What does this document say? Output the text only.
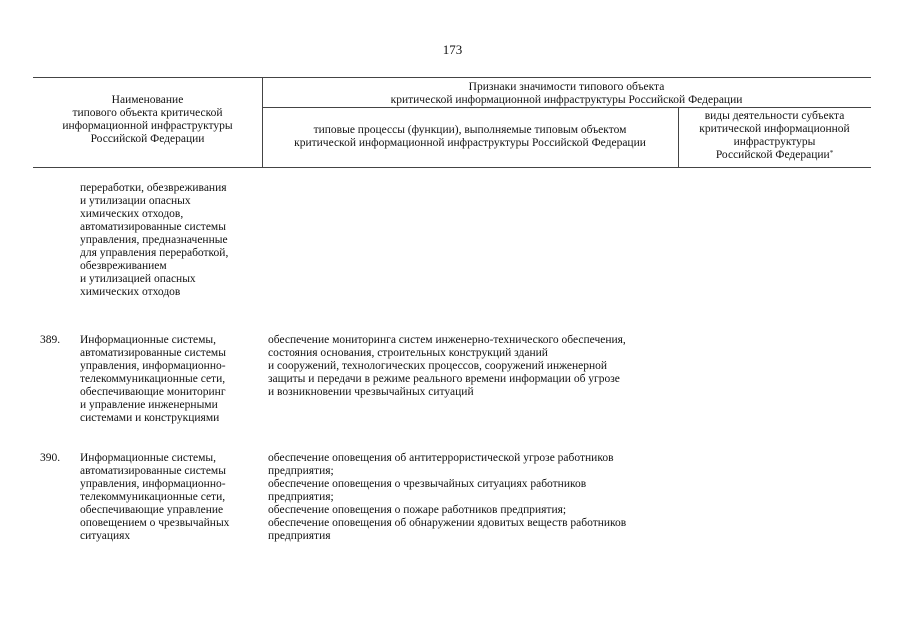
173
Наименование
типового объекта критической
информационной инфраструктуры
Российской Федерации
Признаки значимости типового объекта
критической информационной инфраструктуры Российской Федерации
типовые процессы (функции), выполняемые типовым объектом
критической информационной инфраструктуры Российской Федерации
виды деятельности субъекта
критической информационной
инфраструктуры
Российской Федерации*
переработки, обезвреживания
и утилизации опасных
химических отходов,
автоматизированные системы
управления, предназначенные
для управления переработкой,
обезвреживанием
и утилизацией опасных
химических отходов
389. Информационные системы,
автоматизированные системы
управления, информационно-
телекоммуникационные сети,
обеспечивающие мониторинг
и управление инженерными
системами и конструкциями
обеспечение мониторинга систем инженерно-технического обеспечения,
состояния основания, строительных конструкций зданий
и сооружений, технологических процессов, сооружений инженерной
защиты и передачи в режиме реального времени информации об угрозе
и возникновении чрезвычайных ситуаций
390. Информационные системы,
автоматизированные системы
управления, информационно-
телекоммуникационные сети,
обеспечивающие управление
оповещением о чрезвычайных
ситуациях
обеспечение оповещения об антитеррористической угрозе работников
предприятия;
обеспечение оповещения о чрезвычайных ситуациях работников
предприятия;
обеспечение оповещения о пожаре работников предприятия;
обеспечение оповещения об обнаружении ядовитых веществ работников
предприятия
